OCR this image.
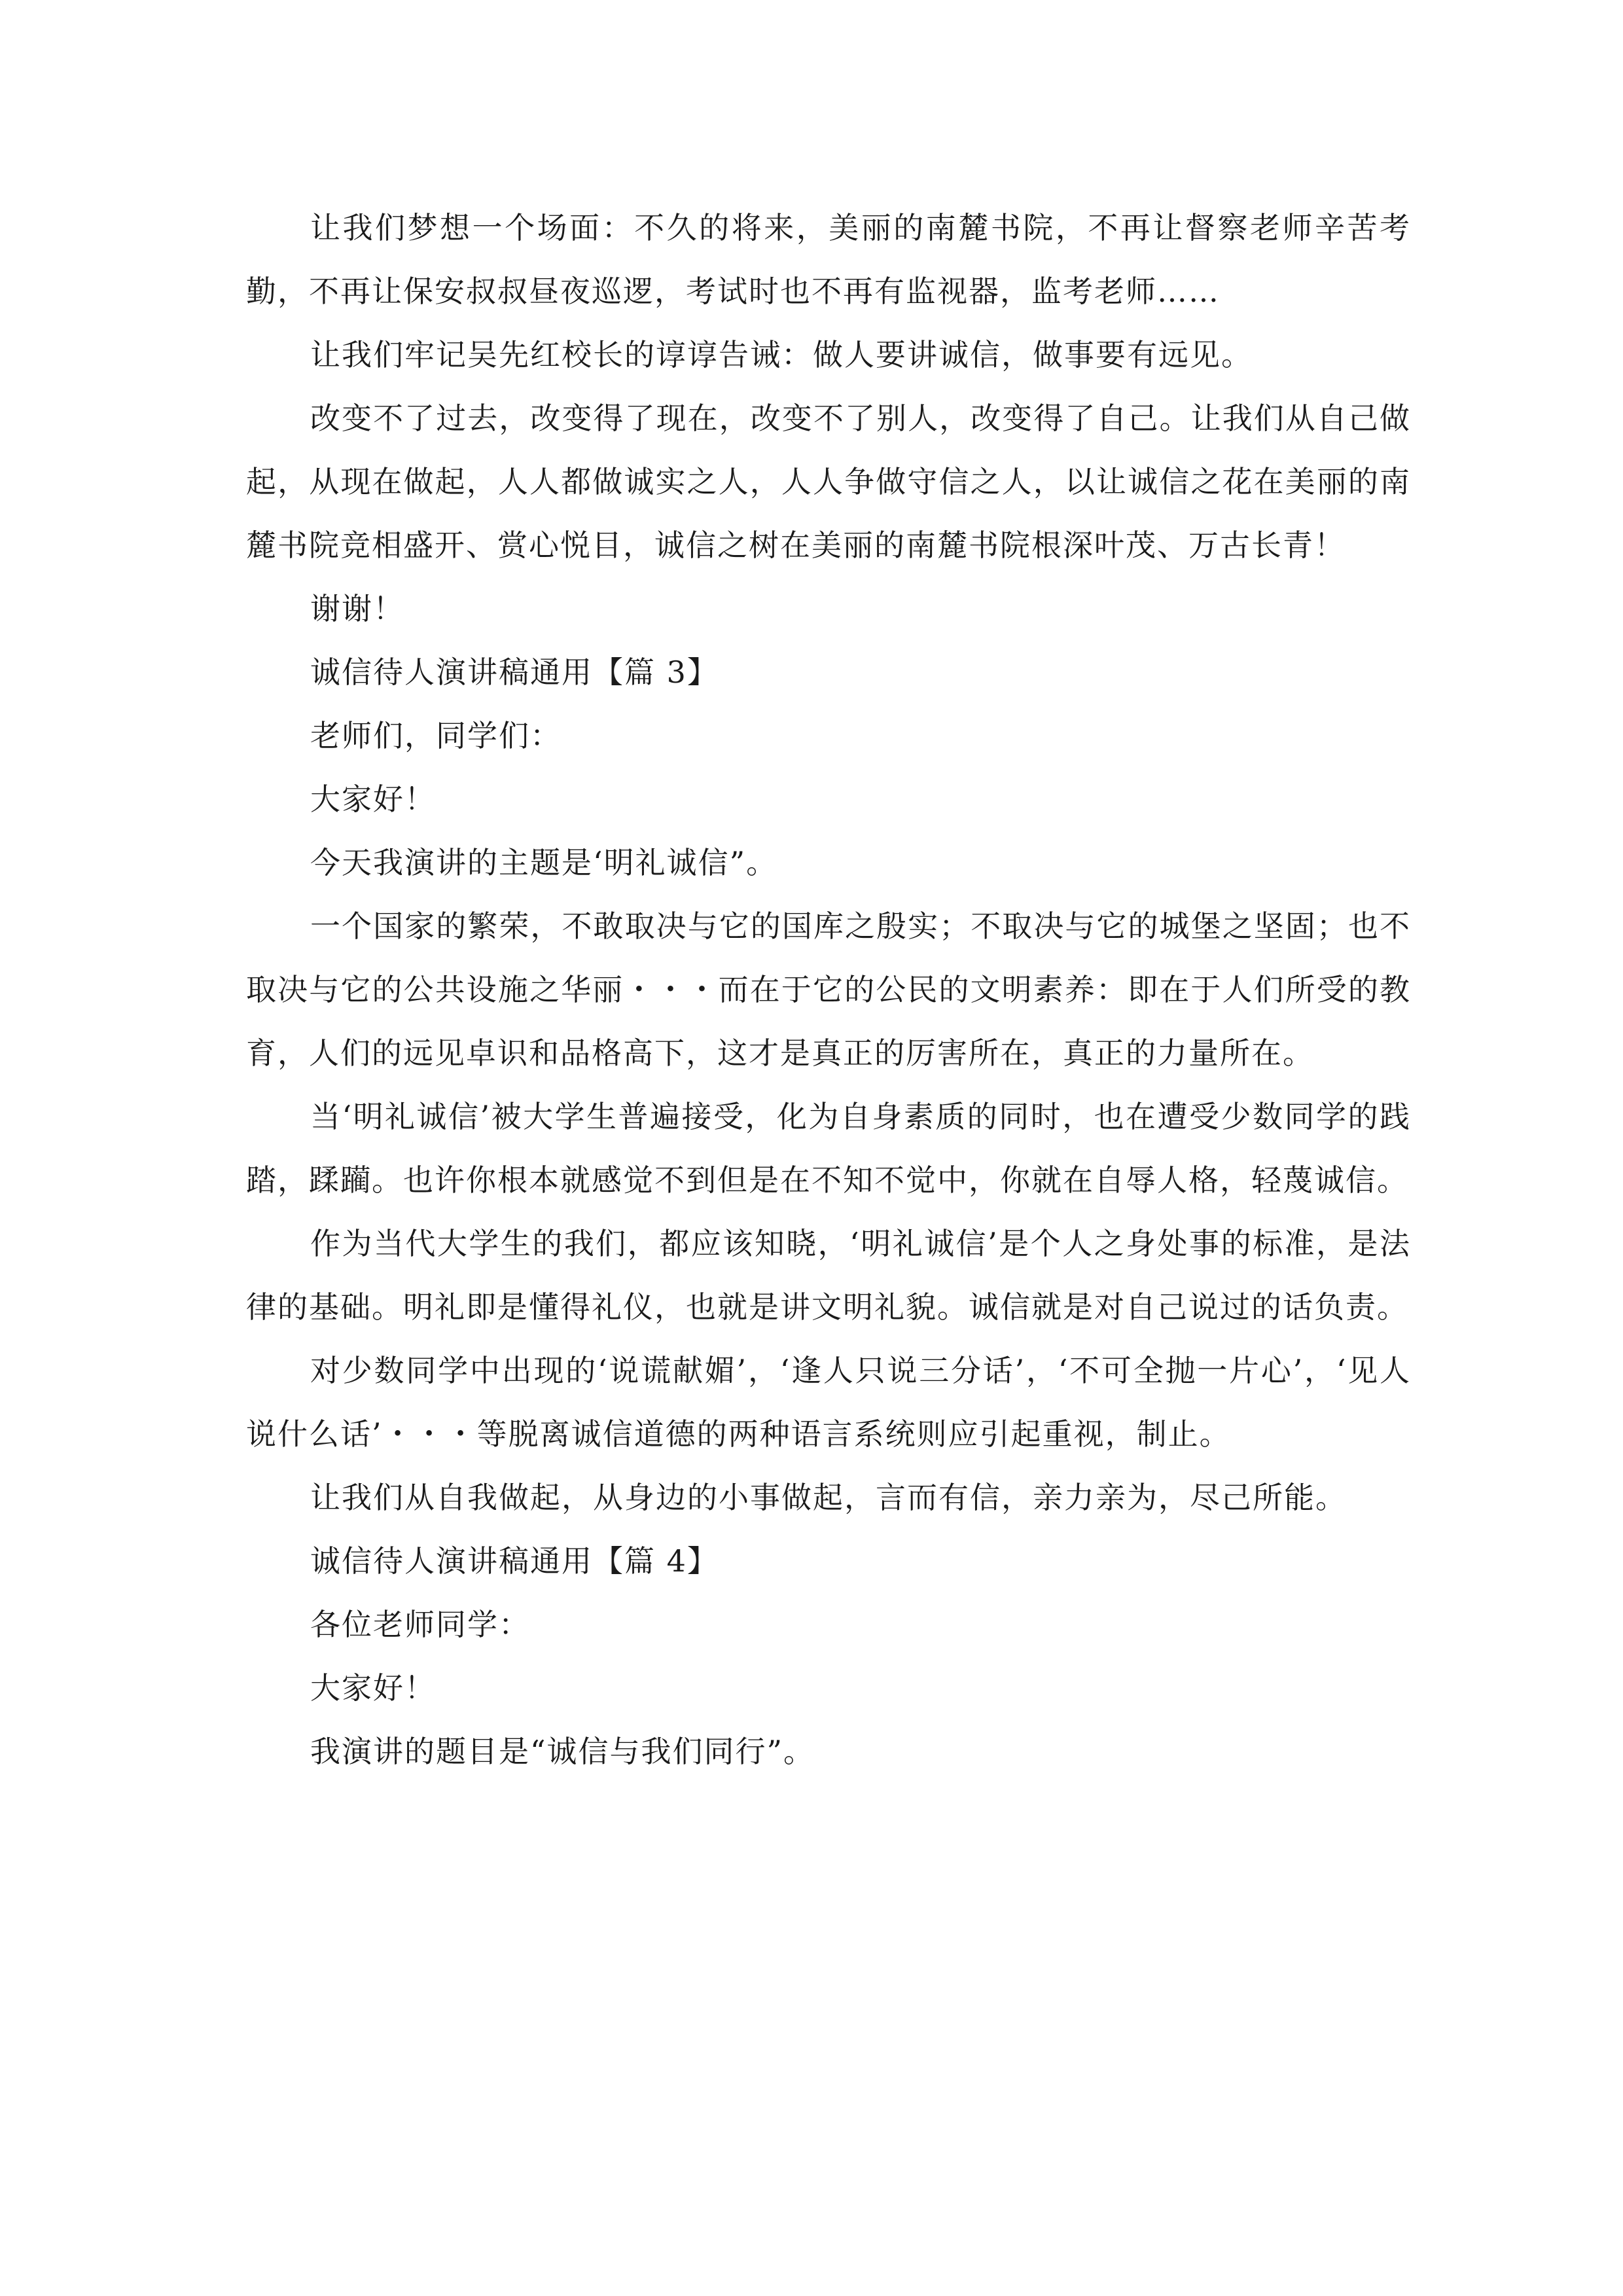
让我们梦想一个场面：不久的将来，美丽的南麓书院，不再让督察老师辛苦考勤，不再让保安叔叔昼夜巡逻，考试时也不再有监视器，监考老师……

让我们牢记吴先红校长的谆谆告诫：做人要讲诚信，做事要有远见。

改变不了过去，改变得了现在，改变不了别人，改变得了自己。让我们从自己做起，从现在做起，人人都做诚实之人，人人争做守信之人，以让诚信之花在美丽的南麓书院竞相盛开、赏心悦目，诚信之树在美丽的南麓书院根深叶茂、万古长青！

谢谢！

诚信待人演讲稿通用【篇 3】

老师们，同学们：

大家好！

今天我演讲的主题是‘明礼诚信”。

一个国家的繁荣，不敢取决与它的国库之殷实；不取决与它的城堡之坚固；也不取决与它的公共设施之华丽・・・而在于它的公民的文明素养：即在于人们所受的教育，人们的远见卓识和品格高下，这才是真正的厉害所在，真正的力量所在。

当‘明礼诚信’被大学生普遍接受，化为自身素质的同时，也在遭受少数同学的践踏，蹂躏。也许你根本就感觉不到但是在不知不觉中，你就在自辱人格，轻蔑诚信。

作为当代大学生的我们，都应该知晓，‘明礼诚信’是个人之身处事的标准，是法律的基础。明礼即是懂得礼仪，也就是讲文明礼貌。诚信就是对自己说过的话负责。

对少数同学中出现的‘说谎献媚’，‘逢人只说三分话’，‘不可全抛一片心’，‘见人说什么话’・・・等脱离诚信道德的两种语言系统则应引起重视，制止。

让我们从自我做起，从身边的小事做起，言而有信，亲力亲为，尽己所能。

诚信待人演讲稿通用【篇 4】

各位老师同学：

大家好！

我演讲的题目是“诚信与我们同行”。
